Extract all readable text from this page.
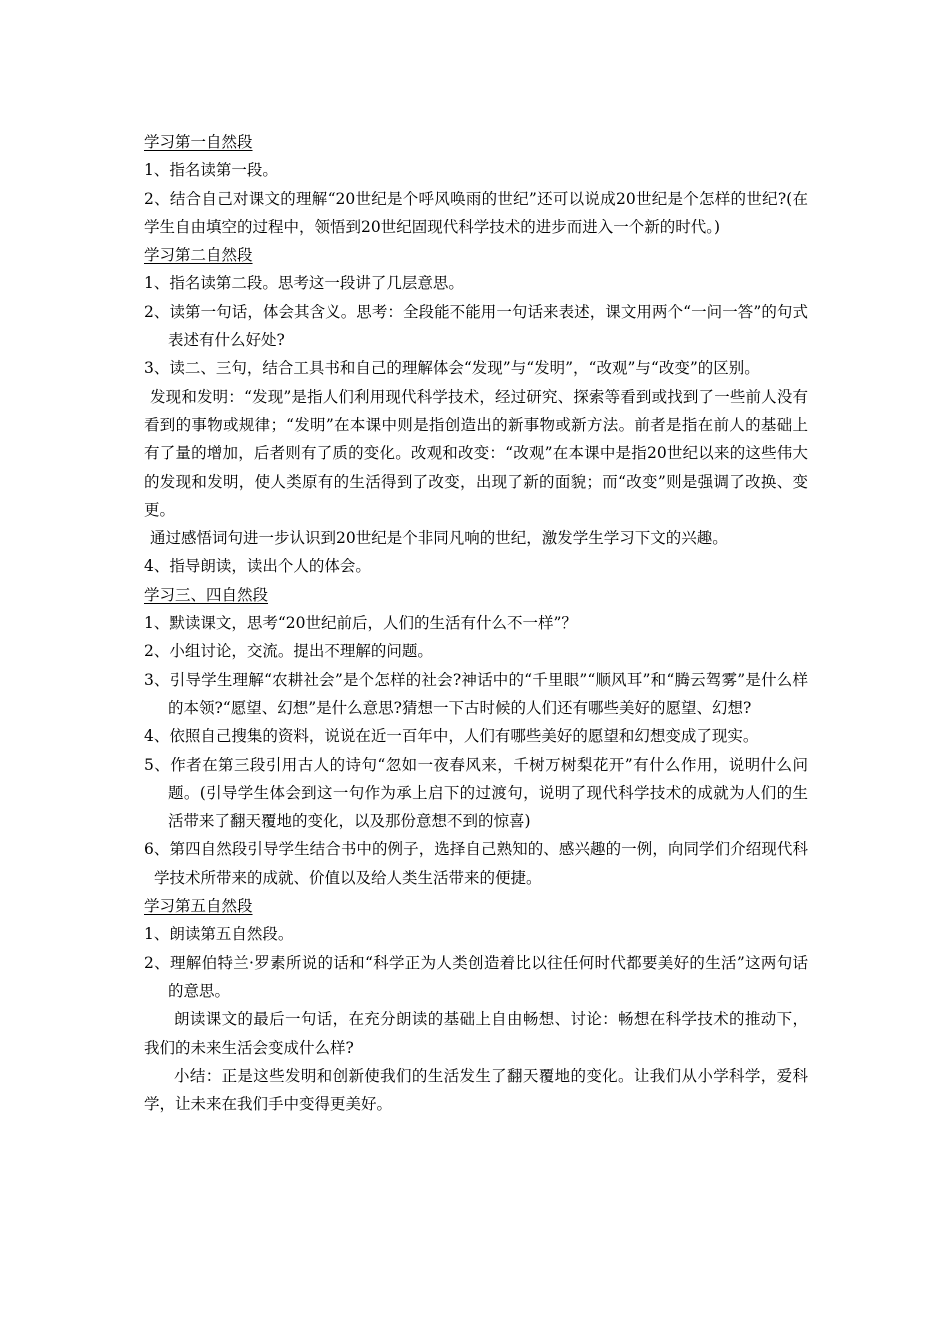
学习第一自然段

1、指名读第一段。

2、结合自己对课文的理解“20世纪是个呼风唤雨的世纪”还可以说成20世纪是个怎样的世纪?(在学生自由填空的过程中，领悟到20世纪固现代科学技术的进步而进入一个新的时代。)

学习第二自然段

1、指名读第二段。思考这一段讲了几层意思。

2、读第一句话，体会其含义。思考：全段能不能用一句话来表述，课文用两个“一问一答”的句式表述有什么好处?

3、读二、三句，结合工具书和自己的理解体会“发现”与“发明”，“改观”与“改变”的区别。

发现和发明：“发现”是指人们利用现代科学技术，经过研究、探索等看到或找到了一些前人没有看到的事物或规律；“发明”在本课中则是指创造出的新事物或新方法。前者是指在前人的基础上有了量的增加，后者则有了质的变化。改观和改变：“改观”在本课中是指20世纪以来的这些伟大的发现和发明，使人类原有的生活得到了改变，出现了新的面貌；而“改变”则是强调了改换、变更。

通过感悟词句进一步认识到20世纪是个非同凡响的世纪，激发学生学习下文的兴趣。

4、指导朗读，读出个人的体会。

学习三、四自然段

1、默读课文，思考“20世纪前后，人们的生活有什么不一样”？

2、小组讨论，交流。提出不理解的问题。

3、引导学生理解“农耕社会”是个怎样的社会?神话中的“千里眼”“顺风耳”和“腾云驾雾”是什么样的本领?“愿望、幻想”是什么意思?猜想一下古时候的人们还有哪些美好的愿望、幻想?

4、依照自己搜集的资料，说说在近一百年中，人们有哪些美好的愿望和幻想变成了现实。

5、作者在第三段引用古人的诗句“忽如一夜春风来，千树万树梨花开”有什么作用，说明什么问题。(引导学生体会到这一句作为承上启下的过渡句，说明了现代科学技术的成就为人们的生活带来了翻天覆地的变化，以及那份意想不到的惊喜)

6、第四自然段引导学生结合书中的例子，选择自己熟知的、感兴趣的一例，向同学们介绍现代科学技术所带来的成就、价值以及给人类生活带来的便捷。

学习第五自然段

1、朗读第五自然段。

2、理解伯特兰·罗素所说的话和“科学正为人类创造着比以往任何时代都要美好的生活”这两句话的意思。

朗读课文的最后一句话，在充分朗读的基础上自由畅想、讨论：畅想在科学技术的推动下，我们的未来生活会变成什么样?

小结：正是这些发明和创新使我们的生活发生了翻天覆地的变化。让我们从小学科学，爱科学，让未来在我们手中变得更美好。
